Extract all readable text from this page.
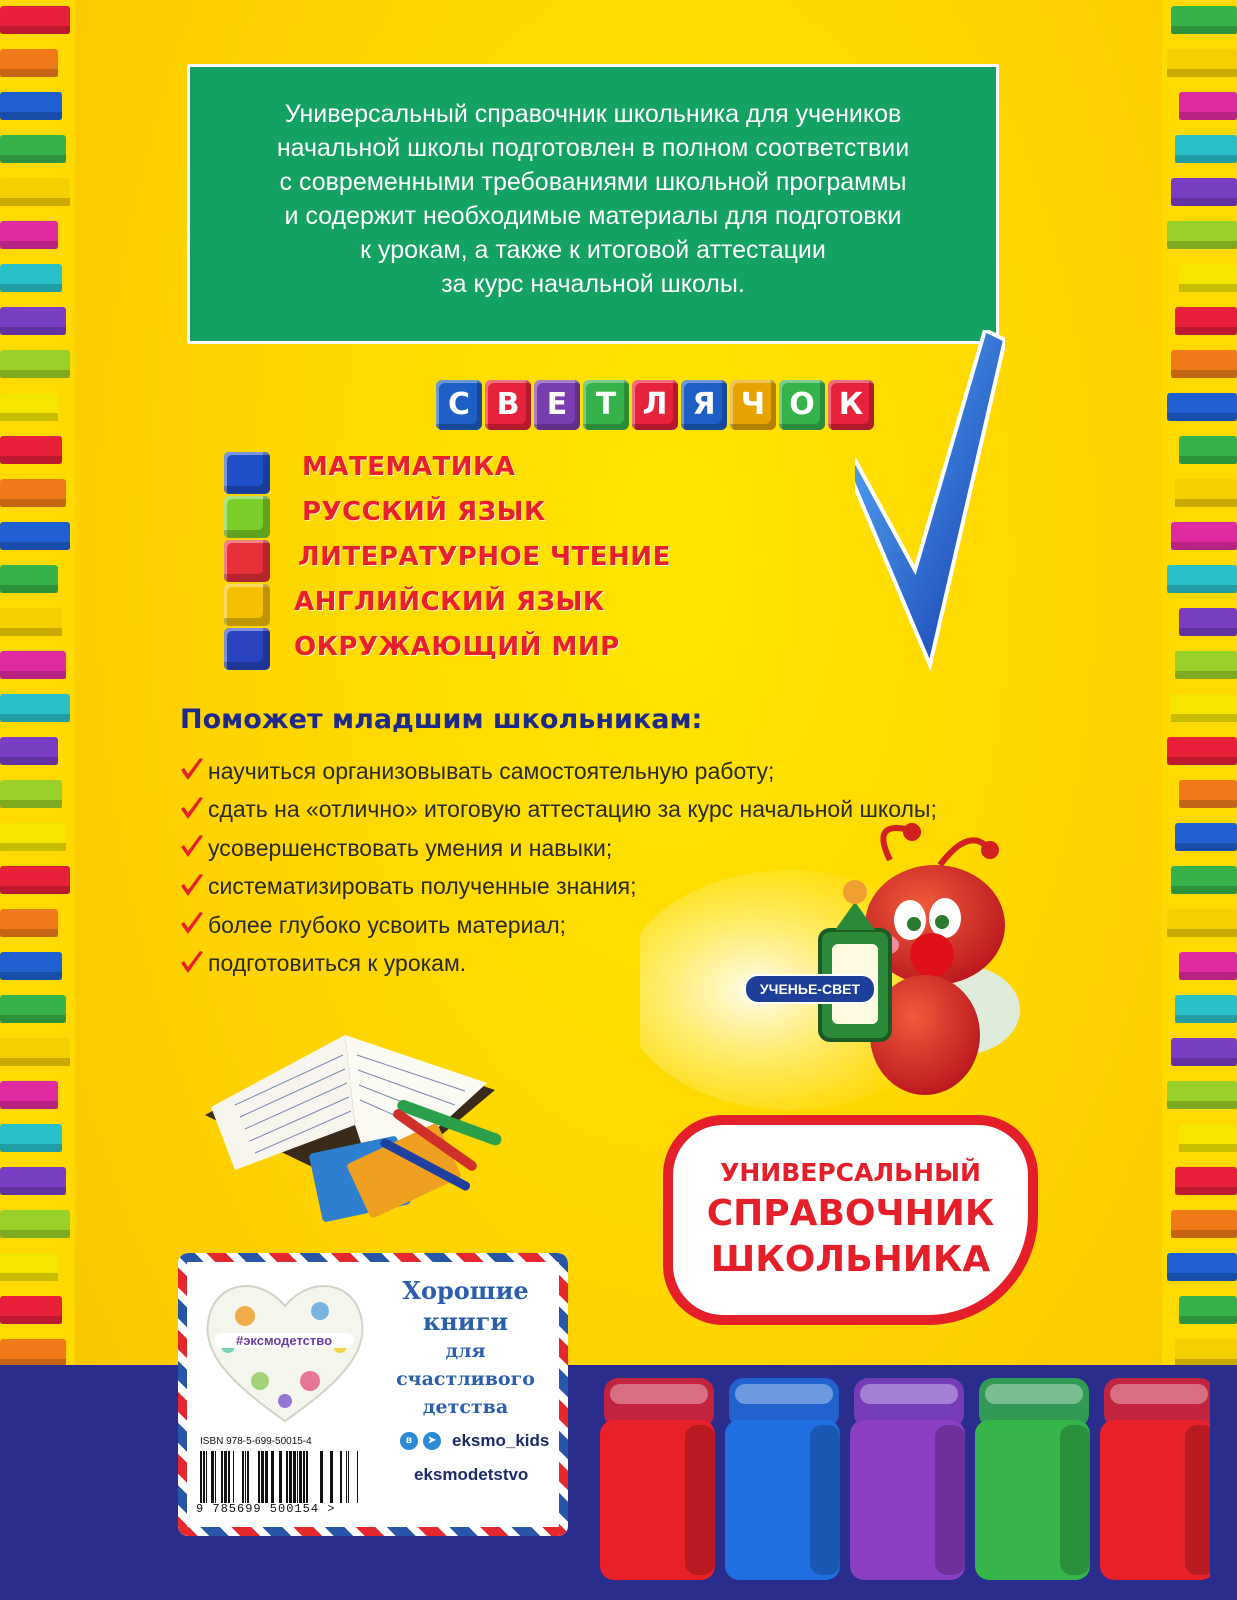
Универсальный справочник школьника для учеников
начальной школы подготовлен в полном соответствии
с современными требованиями школьной программы
и содержит необходимые материалы для подготовки
к урокам, а также к итоговой аттестации
за курс начальной школы.

С В Е Т Л Я Ч О К
МАТЕМАТИКА
РУССКИЙ ЯЗЫК
ЛИТЕРАТУРНОЕ ЧТЕНИЕ
АНГЛИЙСКИЙ ЯЗЫК
ОКРУЖАЮЩИЙ МИР
Поможет младшим школьникам:
научиться организовывать самостоятельную работу;
сдать на «отлично» итоговую аттестацию за курс начальной школы;
усовершенствовать умения и навыки;
систематизировать полученные знания;
более глубоко усвоить материал;
подготовиться к урокам.
УЧЕНЬЕ-СВЕТ
УНИВЕРСАЛЬНЫЙ
СПРАВОЧНИК
ШКОЛЬНИКА
#эксмодетство
Хорошие
книги
для счастливого
детства
ISBN 978-5-699-50015-4
9 785699 500154 >
в	➤ eksmo_kids
eksmodetstvo
